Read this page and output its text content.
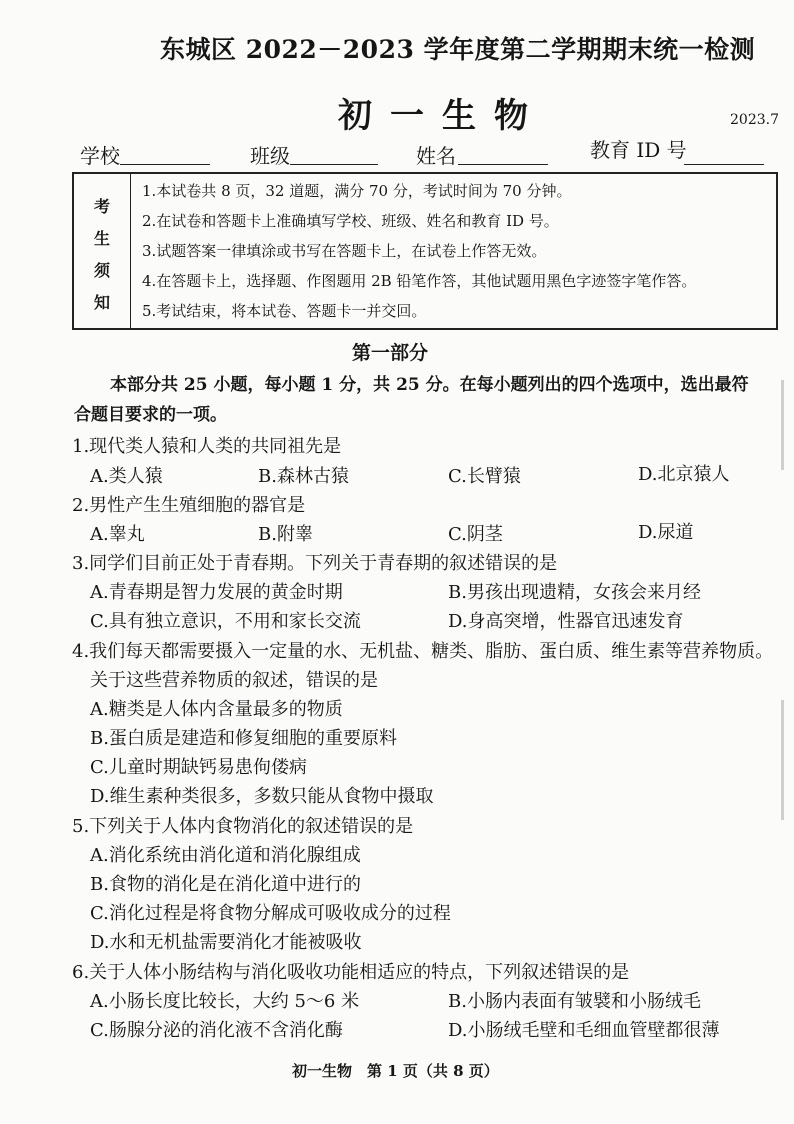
东城区 2022－2023 学年度第二学期期末统一检测
初一生物	2023.7
学校	班级	姓名	教育 ID 号
考
生
须
知
1.本试卷共 8 页，32 道题，满分 70 分，考试时间为 70 分钟。
2.在试卷和答题卡上准确填写学校、班级、姓名和教育 ID 号。
3.试题答案一律填涂或书写在答题卡上，在试卷上作答无效。
4.在答题卡上，选择题、作图题用 2B 铅笔作答，其他试题用黑色字迹签字笔作答。
5.考试结束，将本试卷、答题卡一并交回。
第一部分
本部分共 25 小题，每小题 1 分，共 25 分。在每小题列出的四个选项中，选出最符
合题目要求的一项。
1.现代类人猿和人类的共同祖先是
A.类人猿	B.森林古猿	C.长臂猿	D.北京猿人
2.男性产生生殖细胞的器官是
A.睾丸	B.附睾	C.阴茎	D.尿道
3.同学们目前正处于青春期。下列关于青春期的叙述错误的是
A.青春期是智力发展的黄金时期	B.男孩出现遗精，女孩会来月经
C.具有独立意识，不用和家长交流	D.身高突增，性器官迅速发育
4.我们每天都需要摄入一定量的水、无机盐、糖类、脂肪、蛋白质、维生素等营养物质。
关于这些营养物质的叙述，错误的是
A.糖类是人体内含量最多的物质
B.蛋白质是建造和修复细胞的重要原料
C.儿童时期缺钙易患佝偻病
D.维生素种类很多，多数只能从食物中摄取
5.下列关于人体内食物消化的叙述错误的是
A.消化系统由消化道和消化腺组成
B.食物的消化是在消化道中进行的
C.消化过程是将食物分解成可吸收成分的过程
D.水和无机盐需要消化才能被吸收
6.关于人体小肠结构与消化吸收功能相适应的特点，下列叙述错误的是
A.小肠长度比较长，大约 5～6 米	B.小肠内表面有皱襞和小肠绒毛
C.肠腺分泌的消化液不含消化酶	D.小肠绒毛壁和毛细血管壁都很薄
初一生物　第 1 页（共 8 页）
